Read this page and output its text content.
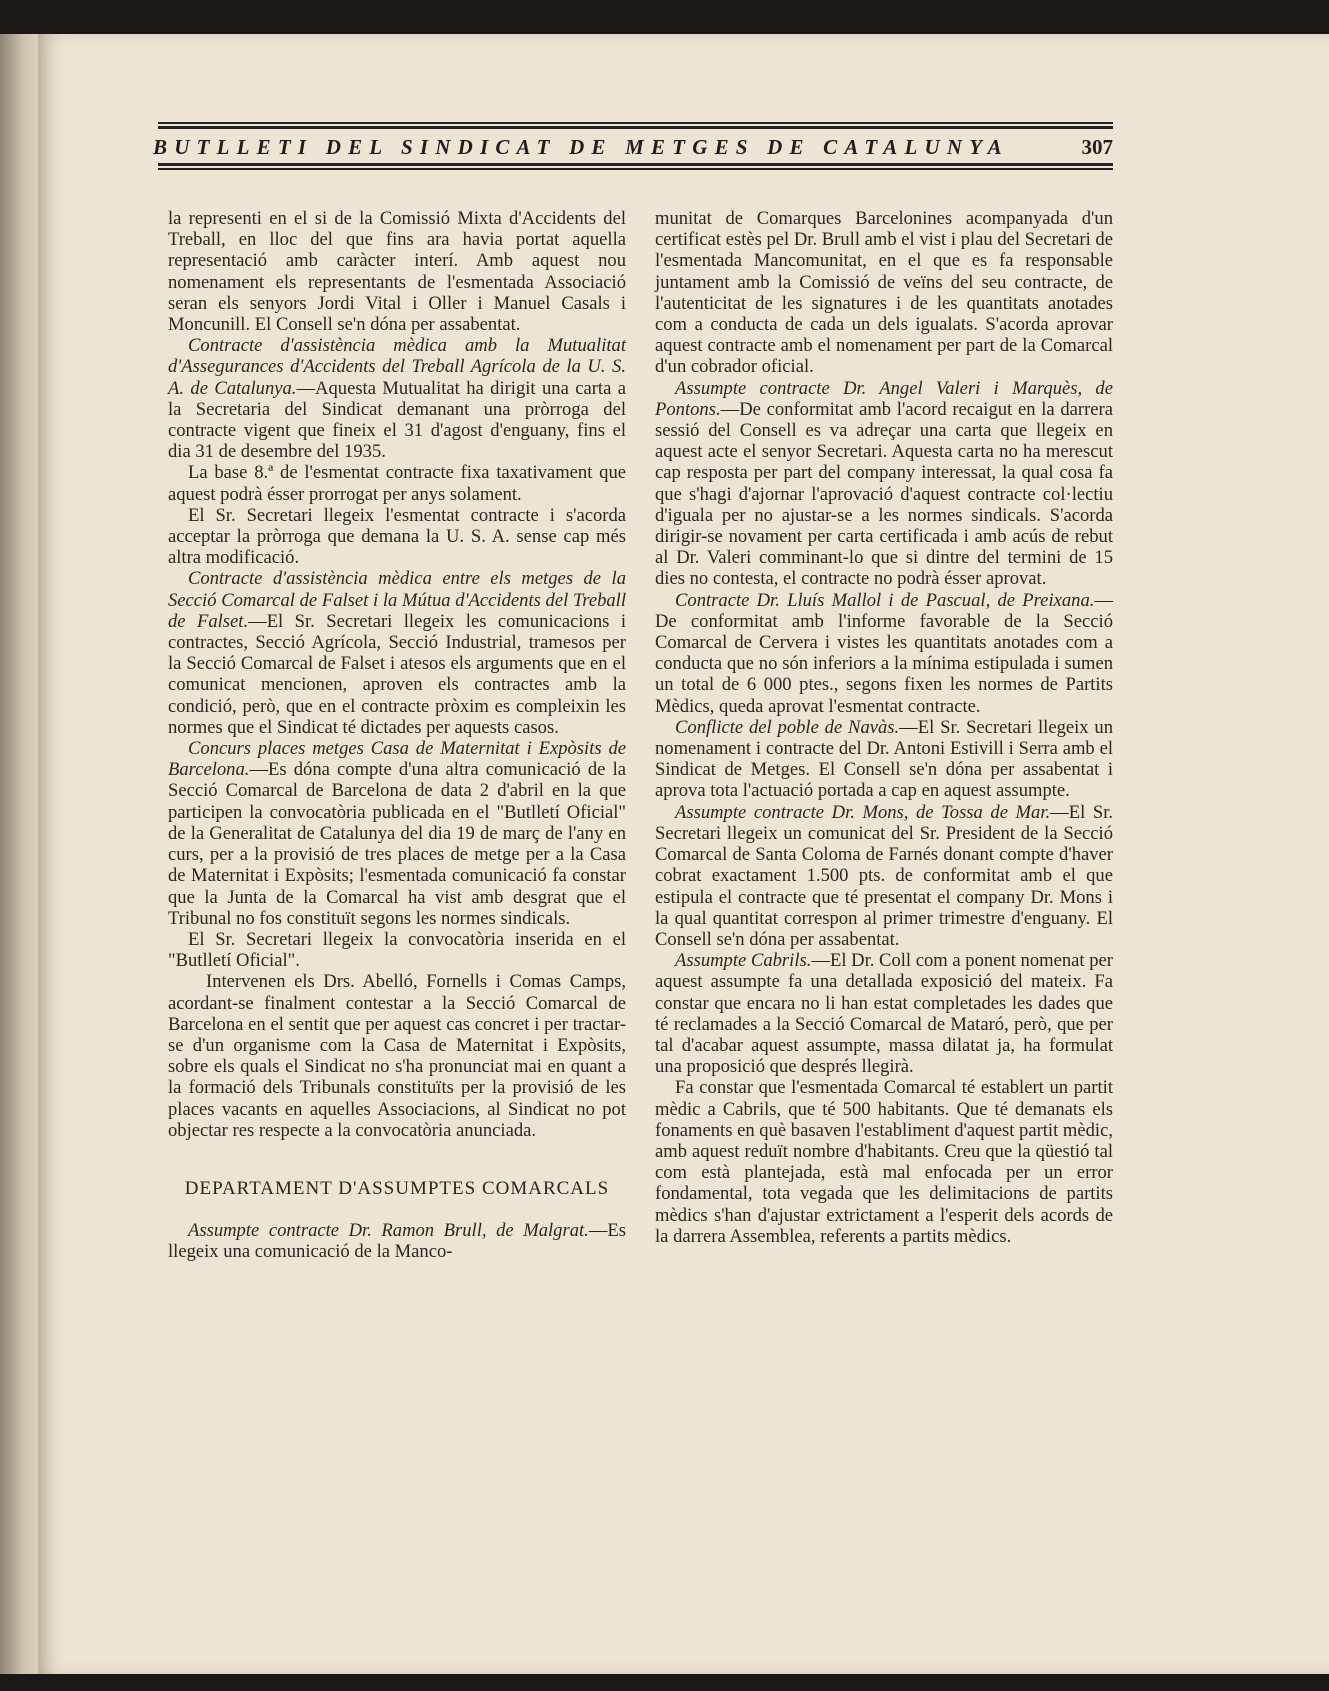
BUTLLETI DEL SINDICAT DE METGES DE CATALUNYA	307

la representi en el si de la Comissió Mixta d'Accidents del Treball, en lloc del que fins ara havia portat aquella representació amb caràcter interí. Amb aquest nou nomenament els representants de l'esmentada Associació seran els senyors Jordi Vital i Oller i Manuel Casals i Moncunill. El Consell se'n dóna per assabentat.

Contracte d'assistència mèdica amb la Mutualitat d'Assegurances d'Accidents del Treball Agrícola de la U. S. A. de Catalunya.—Aquesta Mutualitat ha dirigit una carta a la Secretaria del Sindicat demanant una pròrroga del contracte vigent que fineix el 31 d'agost d'enguany, fins el dia 31 de desembre del 1935.

La base 8.ª de l'esmentat contracte fixa taxativament que aquest podrà ésser prorrogat per anys solament.

El Sr. Secretari llegeix l'esmentat contracte i s'acorda acceptar la pròrroga que demana la U. S. A. sense cap més altra modificació.

Contracte d'assistència mèdica entre els metges de la Secció Comarcal de Falset i la Mútua d'Accidents del Treball de Falset.—El Sr. Secretari llegeix les comunicacions i contractes, Secció Agrícola, Secció Industrial, tramesos per la Secció Comarcal de Falset i atesos els arguments que en el comunicat mencionen, aproven els contractes amb la condició, però, que en el contracte pròxim es compleixin les normes que el Sindicat té dictades per aquests casos.

Concurs places metges Casa de Maternitat i Expòsits de Barcelona.—Es dóna compte d'una altra comunicació de la Secció Comarcal de Barcelona de data 2 d'abril en la que participen la convocatòria publicada en el "Butlletí Oficial" de la Generalitat de Catalunya del dia 19 de març de l'any en curs, per a la provisió de tres places de metge per a la Casa de Maternitat i Expòsits; l'esmentada comunicació fa constar que la Junta de la Comarcal ha vist amb desgrat que el Tribunal no fos constituït segons les normes sindicals.

El Sr. Secretari llegeix la convocatòria inserida en el "Butlletí Oficial".

Intervenen els Drs. Abelló, Fornells i Comas Camps, acordant-se finalment contestar a la Secció Comarcal de Barcelona en el sentit que per aquest cas concret i per tractar-se d'un organisme com la Casa de Maternitat i Expòsits, sobre els quals el Sindicat no s'ha pronunciat mai en quant a la formació dels Tribunals constituïts per la provisió de les places vacants en aquelles Associacions, al Sindicat no pot objectar res respecte a la convocatòria anunciada.

DEPARTAMENT D'ASSUMPTES COMARCALS

Assumpte contracte Dr. Ramon Brull, de Malgrat.—Es llegeix una comunicació de la Manco-

munitat de Comarques Barcelonines acompanyada d'un certificat estès pel Dr. Brull amb el vist i plau del Secretari de l'esmentada Mancomunitat, en el que es fa responsable juntament amb la Comissió de veïns del seu contracte, de l'autenticitat de les signatures i de les quantitats anotades com a conducta de cada un dels igualats. S'acorda aprovar aquest contracte amb el nomenament per part de la Comarcal d'un cobrador oficial.

Assumpte contracte Dr. Angel Valeri i Marquès, de Pontons.—De conformitat amb l'acord recaigut en la darrera sessió del Consell es va adreçar una carta que llegeix en aquest acte el senyor Secretari. Aquesta carta no ha merescut cap resposta per part del company interessat, la qual cosa fa que s'hagi d'ajornar l'aprovació d'aquest contracte col·lectiu d'iguala per no ajustar-se a les normes sindicals. S'acorda dirigir-se novament per carta certificada i amb acús de rebut al Dr. Valeri comminant-lo que si dintre del termini de 15 dies no contesta, el contracte no podrà ésser aprovat.

Contracte Dr. Lluís Mallol i de Pascual, de Preixana.—De conformitat amb l'informe favorable de la Secció Comarcal de Cervera i vistes les quantitats anotades com a conducta que no són inferiors a la mínima estipulada i sumen un total de 6 000 ptes., segons fixen les normes de Partits Mèdics, queda aprovat l'esmentat contracte.

Conflicte del poble de Navàs.—El Sr. Secretari llegeix un nomenament i contracte del Dr. Antoni Estivill i Serra amb el Sindicat de Metges. El Consell se'n dóna per assabentat i aprova tota l'actuació portada a cap en aquest assumpte.

Assumpte contracte Dr. Mons, de Tossa de Mar.—El Sr. Secretari llegeix un comunicat del Sr. President de la Secció Comarcal de Santa Coloma de Farnés donant compte d'haver cobrat exactament 1.500 pts. de conformitat amb el que estipula el contracte que té presentat el company Dr. Mons i la qual quantitat correspon al primer trimestre d'enguany. El Consell se'n dóna per assabentat.

Assumpte Cabrils.—El Dr. Coll com a ponent nomenat per aquest assumpte fa una detallada exposició del mateix. Fa constar que encara no li han estat completades les dades que té reclamades a la Secció Comarcal de Mataró, però, que per tal d'acabar aquest assumpte, massa dilatat ja, ha formulat una proposició que després llegirà.

Fa constar que l'esmentada Comarcal té establert un partit mèdic a Cabrils, que té 500 habitants. Que té demanats els fonaments en què basaven l'establiment d'aquest partit mèdic, amb aquest reduït nombre d'habitants. Creu que la qüestió tal com està plantejada, està mal enfocada per un error fondamental, tota vegada que les delimitacions de partits mèdics s'han d'ajustar extrictament a l'esperit dels acords de la darrera Assemblea, referents a partits mèdics.
